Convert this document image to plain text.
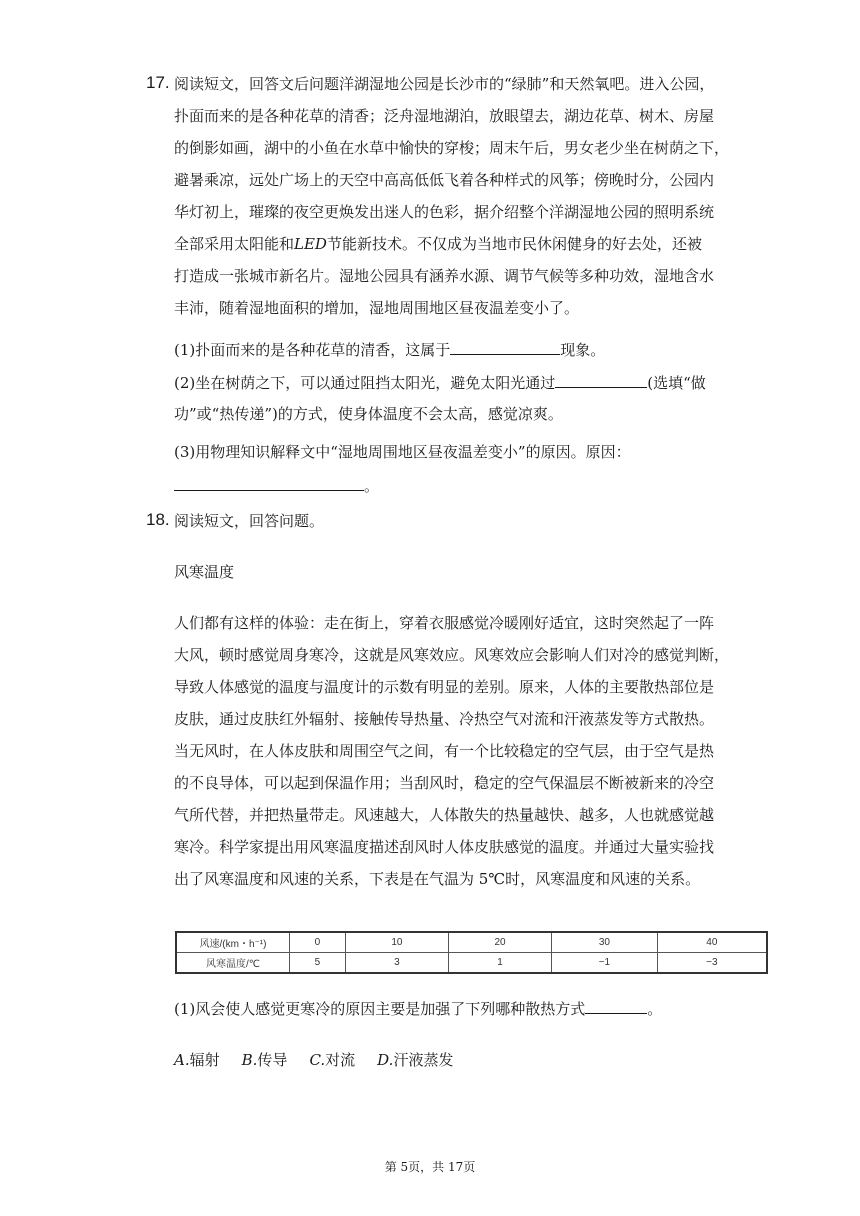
17. 阅读短文，回答文后问题洋湖湿地公园是长沙市的“绿肺”和天然氧吧。进入公园，
扑面而来的是各种花草的清香；泛舟湿地湖泊，放眼望去，湖边花草、树木、房屋
的倒影如画，湖中的小鱼在水草中愉快的穿梭；周末午后，男女老少坐在树荫之下，
避暑乘凉，远处广场上的天空中高高低低飞着各种样式的风筝；傍晚时分，公园内
华灯初上，璀璨的夜空更焕发出迷人的色彩，据介绍整个洋湖湿地公园的照明系统
全部采用太阳能和LED节能新技术。不仅成为当地市民休闲健身的好去处，还被
打造成一张城市新名片。湿地公园具有涵养水源、调节气候等多种功效，湿地含水
丰沛，随着湿地面积的增加，湿地周围地区昼夜温差变小了。
(1)扑面而来的是各种花草的清香，这属于	现象。
(2)坐在树荫之下，可以通过阻挡太阳光，避免太阳光通过	(选填“做
功”或“热传递”)的方式，使身体温度不会太高，感觉凉爽。
(3)用物理知识解释文中“湿地周围地区昼夜温差变小”的原因。原因：
。
18. 阅读短文，回答问题。
风寒温度
人们都有这样的体验：走在街上，穿着衣服感觉冷暖刚好适宜，这时突然起了一阵
大风，顿时感觉周身寒冷，这就是风寒效应。风寒效应会影响人们对冷的感觉判断，
导致人体感觉的温度与温度计的示数有明显的差别。原来，人体的主要散热部位是
皮肤，通过皮肤红外辐射、接触传导热量、冷热空气对流和汗液蒸发等方式散热。
当无风时，在人体皮肤和周围空气之间，有一个比较稳定的空气层，由于空气是热
的不良导体，可以起到保温作用；当刮风时，稳定的空气保温层不断被新来的冷空
气所代替，并把热量带走。风速越大，人体散失的热量越快、越多，人也就感觉越
寒冷。科学家提出用风寒温度描述刮风时人体皮肤感觉的温度。并通过大量实验找
出了风寒温度和风速的关系，下表是在气温为 5℃时，风寒温度和风速的关系。
风速/(km・h⁻¹)	0	10	20	30	40
风寒温度/℃	5	3	1	−1	−3
(1)风会使人感觉更寒冷的原因主要是加强了下列哪种散热方式	。
A.辐射 B.传导 C.对流 D.汗液蒸发
第 5页，共 17页
